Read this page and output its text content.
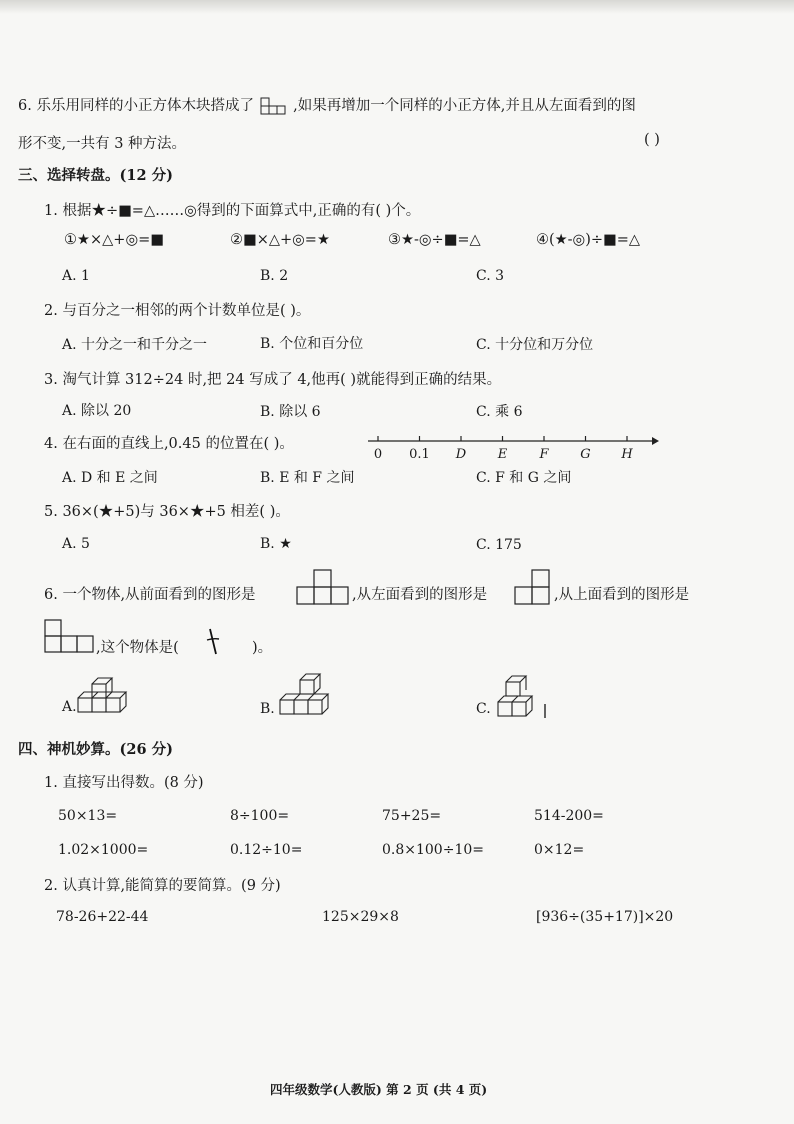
6. 乐乐用同样的小正方体木块搭成了	,如果再增加一个同样的小正方体,并且从左面看到的图
形不变,一共有 3 种方法。	( )
三、选择转盘。(12 分)
1. 根据★÷■=△……◎得到的下面算式中,正确的有( )个。
①★×△+◎=■	②■×△+◎=★	③★-◎÷■=△	④(★-◎)÷■=△
A. 1	B. 2	C. 3
2. 与百分之一相邻的两个计数单位是( )。
A. 十分之一和千分之一	B. 个位和百分位	C. 十分位和万分位
3. 淘气计算 312÷24 时,把 24 写成了 4,他再( )就能得到正确的结果。
A. 除以 20	B. 除以 6	C. 乘 6
4. 在右面的直线上,0.45 的位置在( )。
0 0.1 D E F G H
A. D 和 E 之间	B. E 和 F 之间	C. F 和 G 之间
5. 36×(★+5)与 36×★+5 相差( )。
A. 5	B. ★	C. 175
6. 一个物体,从前面看到的图形是	,从左面看到的图形是	,从上面看到的图形是
,这个物体是(	)。
A.	B.	C.
四、神机妙算。(26 分)
1. 直接写出得数。(8 分)
50×13=	8÷100=	75+25=	514-200=
1.02×1000=	0.12÷10=	0.8×100÷10=	0×12=
2. 认真计算,能简算的要简算。(9 分)
78-26+22-44	125×29×8	[936÷(35+17)]×20
四年级数学(人教版) 第 2 页 (共 4 页)
